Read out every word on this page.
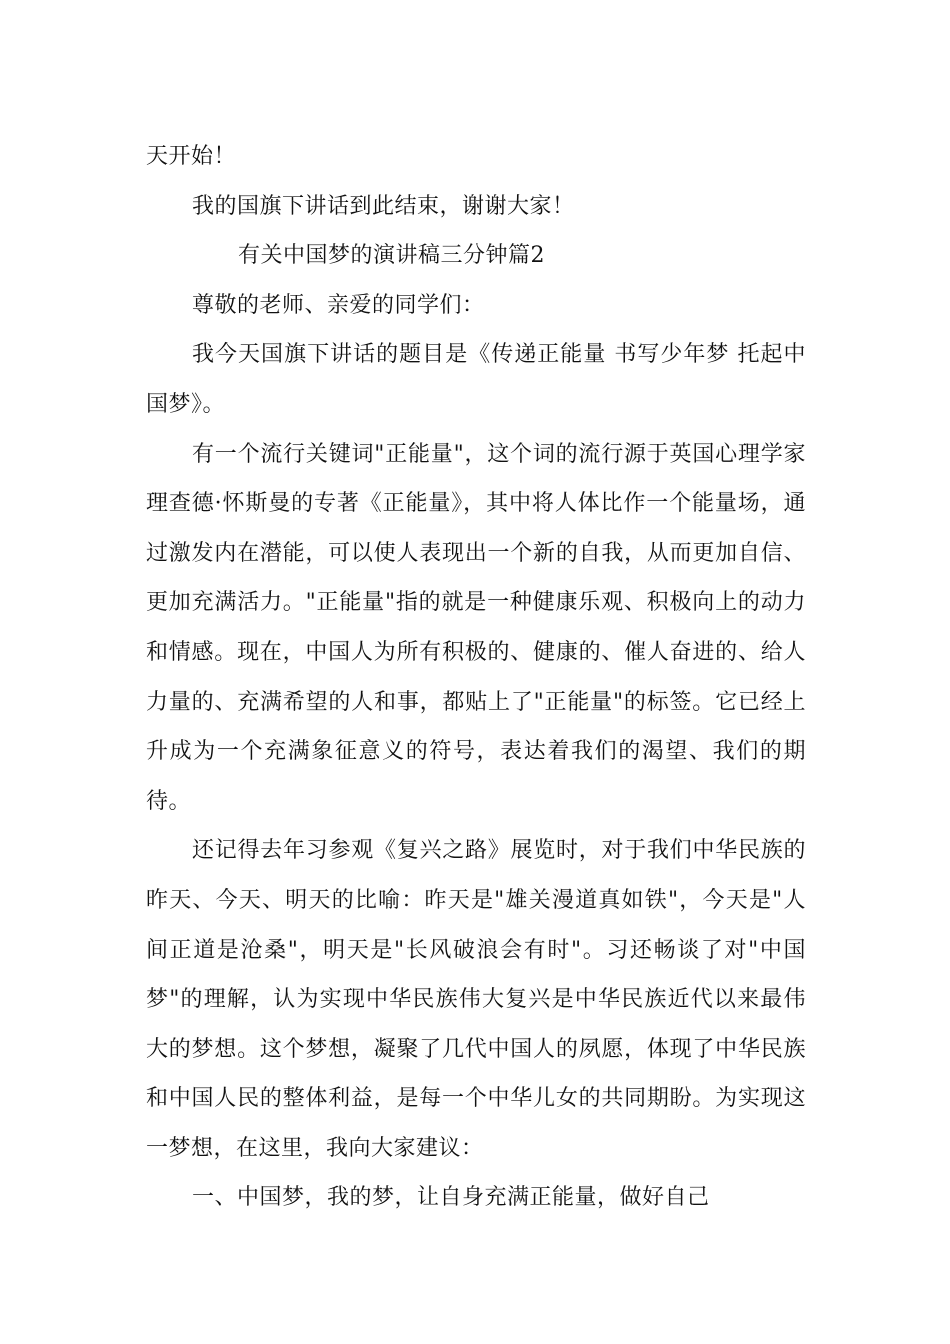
天开始！

我的国旗下讲话到此结束，谢谢大家！

有关中国梦的演讲稿三分钟篇2

尊敬的老师、亲爱的同学们：

我今天国旗下讲话的题目是《传递正能量 书写少年梦 托起中国梦》。

有一个流行关键词"正能量"，这个词的流行源于英国心理学家理查德·怀斯曼的专著《正能量》，其中将人体比作一个能量场，通过激发内在潜能，可以使人表现出一个新的自我，从而更加自信、更加充满活力。"正能量"指的就是一种健康乐观、积极向上的动力和情感。现在，中国人为所有积极的、健康的、催人奋进的、给人力量的、充满希望的人和事，都贴上了"正能量"的标签。它已经上升成为一个充满象征意义的符号，表达着我们的渴望、我们的期待。

还记得去年习参观《复兴之路》展览时，对于我们中华民族的昨天、今天、明天的比喻：昨天是"雄关漫道真如铁"，今天是"人间正道是沧桑"，明天是"长风破浪会有时"。习还畅谈了对"中国梦"的理解，认为实现中华民族伟大复兴是中华民族近代以来最伟大的梦想。这个梦想，凝聚了几代中国人的夙愿，体现了中华民族和中国人民的整体利益，是每一个中华儿女的共同期盼。为实现这一梦想，在这里，我向大家建议：

一、中国梦，我的梦，让自身充满正能量，做好自己
